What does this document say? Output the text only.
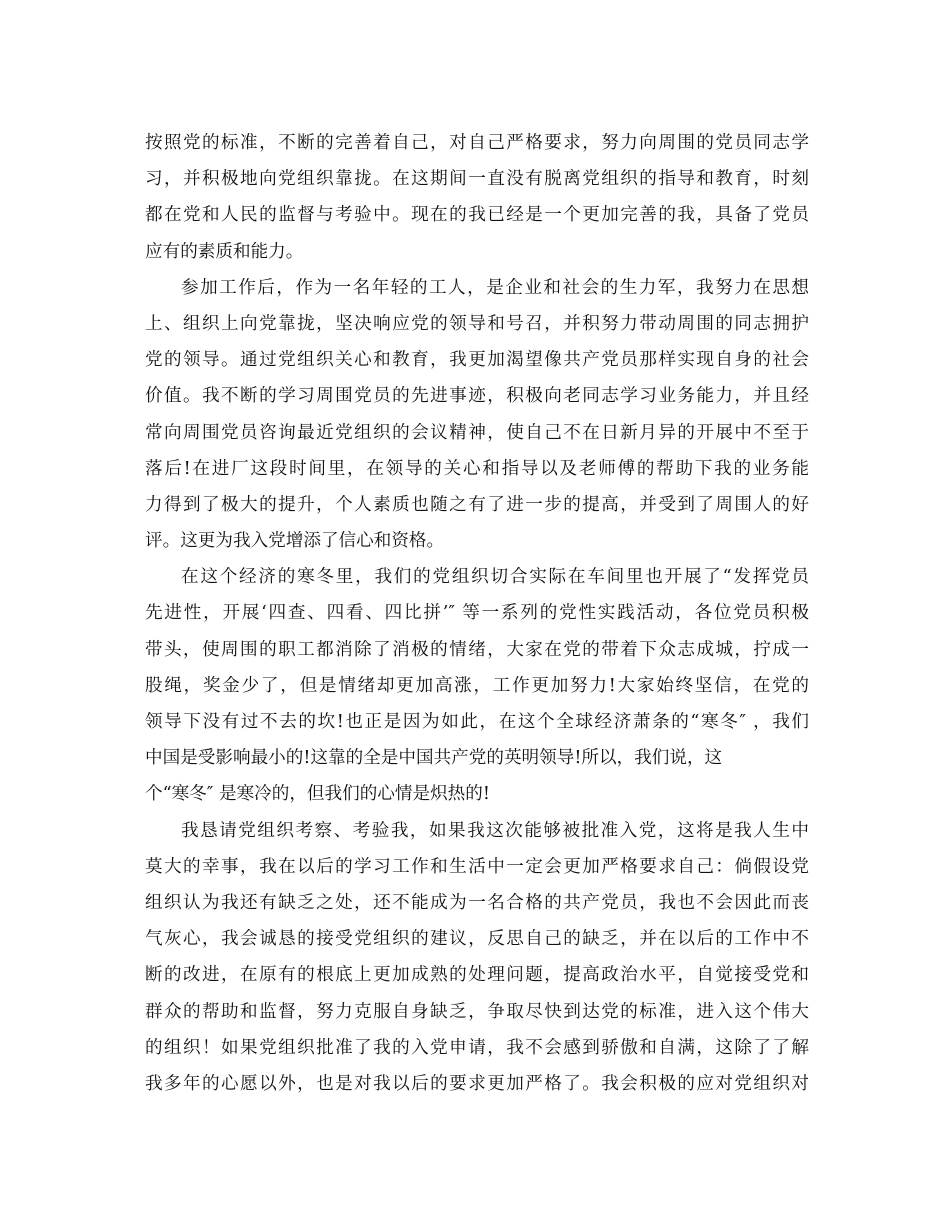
按照党的标准，不断的完善着自己，对自己严格要求，努力向周围的党员同志学
习，并积极地向党组织靠拢。在这期间一直没有脱离党组织的指导和教育，时刻
都在党和人民的监督与考验中。现在的我已经是一个更加完善的我，具备了党员
应有的素质和能力。
参加工作后，作为一名年轻的工人，是企业和社会的生力军，我努力在思想
上、组织上向党靠拢，坚决响应党的领导和号召，并积努力带动周围的同志拥护
党的领导。通过党组织关心和教育，我更加渴望像共产党员那样实现自身的社会
价值。我不断的学习周围党员的先进事迹，积极向老同志学习业务能力，并且经
常向周围党员咨询最近党组织的会议精神，使自己不在日新月异的开展中不至于
落后!在进厂这段时间里，在领导的关心和指导以及老师傅的帮助下我的业务能
力得到了极大的提升，个人素质也随之有了进一步的提高，并受到了周围人的好
评。这更为我入党增添了信心和资格。
在这个经济的寒冬里，我们的党组织切合实际在车间里也开展了“发挥党员
先进性，开展‘四查、四看、四比拼’″ 等一系列的党性实践活动，各位党员积极
带头，使周围的职工都消除了消极的情绪，大家在党的带着下众志成城，拧成一
股绳，奖金少了，但是情绪却更加高涨，工作更加努力!大家始终坚信，在党的
领导下没有过不去的坎!也正是因为如此，在这个全球经济萧条的“寒冬″ ，我们
中国是受影响最小的!这靠的全是中国共产党的英明领导!所以，我们说，这
个“寒冬″ 是寒冷的，但我们的心情是炽热的!
我恳请党组织考察、考验我，如果我这次能够被批准入党，这将是我人生中
莫大的幸事，我在以后的学习工作和生活中一定会更加严格要求自己：倘假设党
组织认为我还有缺乏之处，还不能成为一名合格的共产党员，我也不会因此而丧
气灰心，我会诚恳的接受党组织的建议，反思自己的缺乏，并在以后的工作中不
断的改进，在原有的根底上更加成熟的处理问题，提高政治水平，自觉接受党和
群众的帮助和监督，努力克服自身缺乏，争取尽快到达党的标准，进入这个伟大
的组织！如果党组织批准了我的入党申请，我不会感到骄傲和自满，这除了了解
我多年的心愿以外，也是对我以后的要求更加严格了。我会积极的应对党组织对
